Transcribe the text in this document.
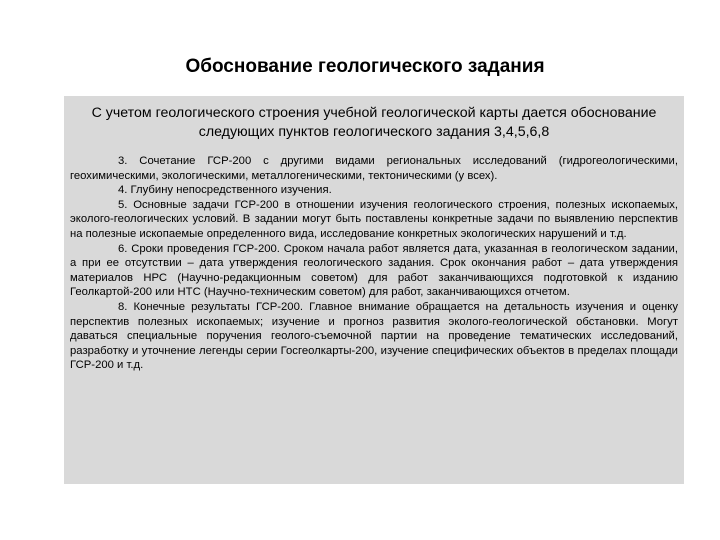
Обоснование геологического задания

С учетом геологического строения учебной геологической карты дается обоснование следующих пунктов геологического задания 3,4,5,6,8

3. Сочетание ГСР-200 с другими видами региональных исследований (гидрогеологическими, геохимическими, экологическими, металлогеническими, тектоническими (у всех).

4. Глубину непосредственного изучения.

5. Основные задачи ГСР-200 в отношении изучения геологического строения, полезных ископаемых, эколого-геологических условий. В задании могут быть поставлены конкретные задачи по выявлению перспектив на полезные ископаемые определенного вида, исследование конкретных экологических нарушений и т.д.

6. Сроки проведения ГСР-200. Сроком начала работ является дата, указанная в геологическом задании, а при ее отсутствии – дата утверждения геологического задания. Срок окончания работ – дата утверждения материалов НРС (Научно-редакционным советом) для работ заканчивающихся подготовкой к изданию Геолкартой-200 или НТС (Научно-техническим советом) для работ, заканчивающихся отчетом.

8. Конечные результаты ГСР-200. Главное внимание обращается на детальность изучения и оценку перспектив полезных ископаемых; изучение и прогноз развития эколого-геологической обстановки. Могут даваться специальные поручения геолого-съемочной партии на проведение тематических исследований, разработку и уточнение легенды серии Госгеолкарты-200, изучение специфических объектов в пределах площади ГСР-200 и т.д.
